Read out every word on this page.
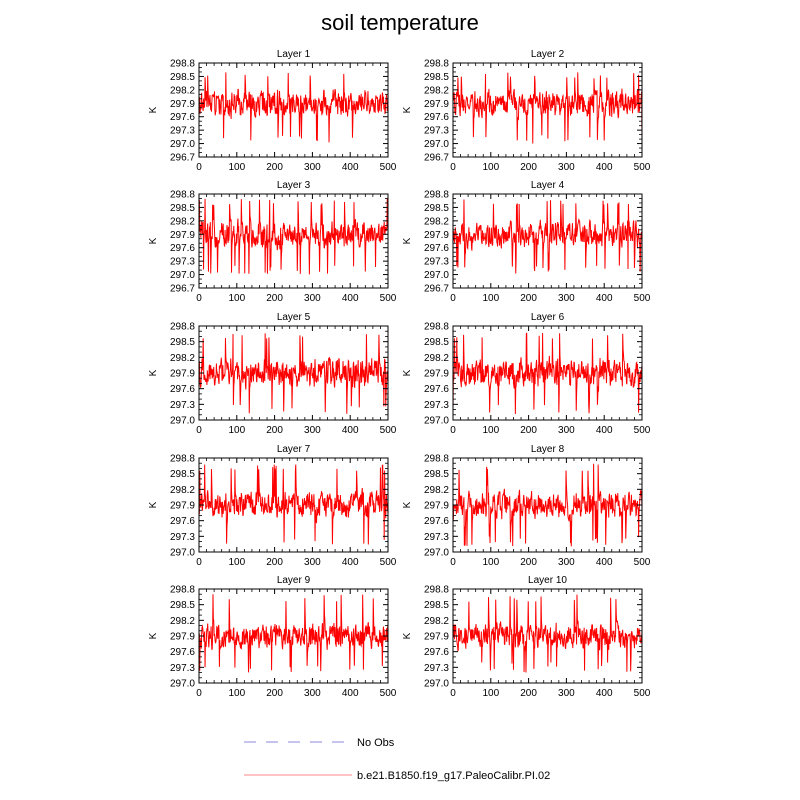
soil temperature
Layer 1
K
296.7
297.0
297.3
297.6
297.9
298.2
298.5
298.8
0	100 200 300 400 500
Layer 2
K
296.7
297.0
297.3
297.6
297.9
298.2
298.5
298.8
0	100 200 300 400 500
Layer 3
K
296.7
297.0
297.3
297.6
297.9
298.2
298.5
298.8
0	100 200 300 400 500
Layer 4
K
296.7
297.0
297.3
297.6
297.9
298.2
298.5
298.8
0	100 200 300 400 500
Layer 5
K
297.0
297.3
297.6
297.9
298.2
298.5
298.8
0	100 200 300 400 500
Layer 6
K
297.0
297.3
297.6
297.9
298.2
298.5
298.8
0	100 200 300 400 500
Layer 7
K
297.0
297.3
297.6
297.9
298.2
298.5
298.8
0	100 200 300 400 500
Layer 8
K
297.0
297.3
297.6
297.9
298.2
298.5
298.8
0	100 200 300 400 500
Layer 9
K
297.0
297.3
297.6
297.9
298.2
298.5
298.8
0	100 200 300 400 500
Layer 10
K
297.0
297.3
297.6
297.9
298.2
298.5
298.8
0	100 200 300 400 500
No Obs
b.e21.B1850.f19_g17.PaleoCalibr.PI.02
